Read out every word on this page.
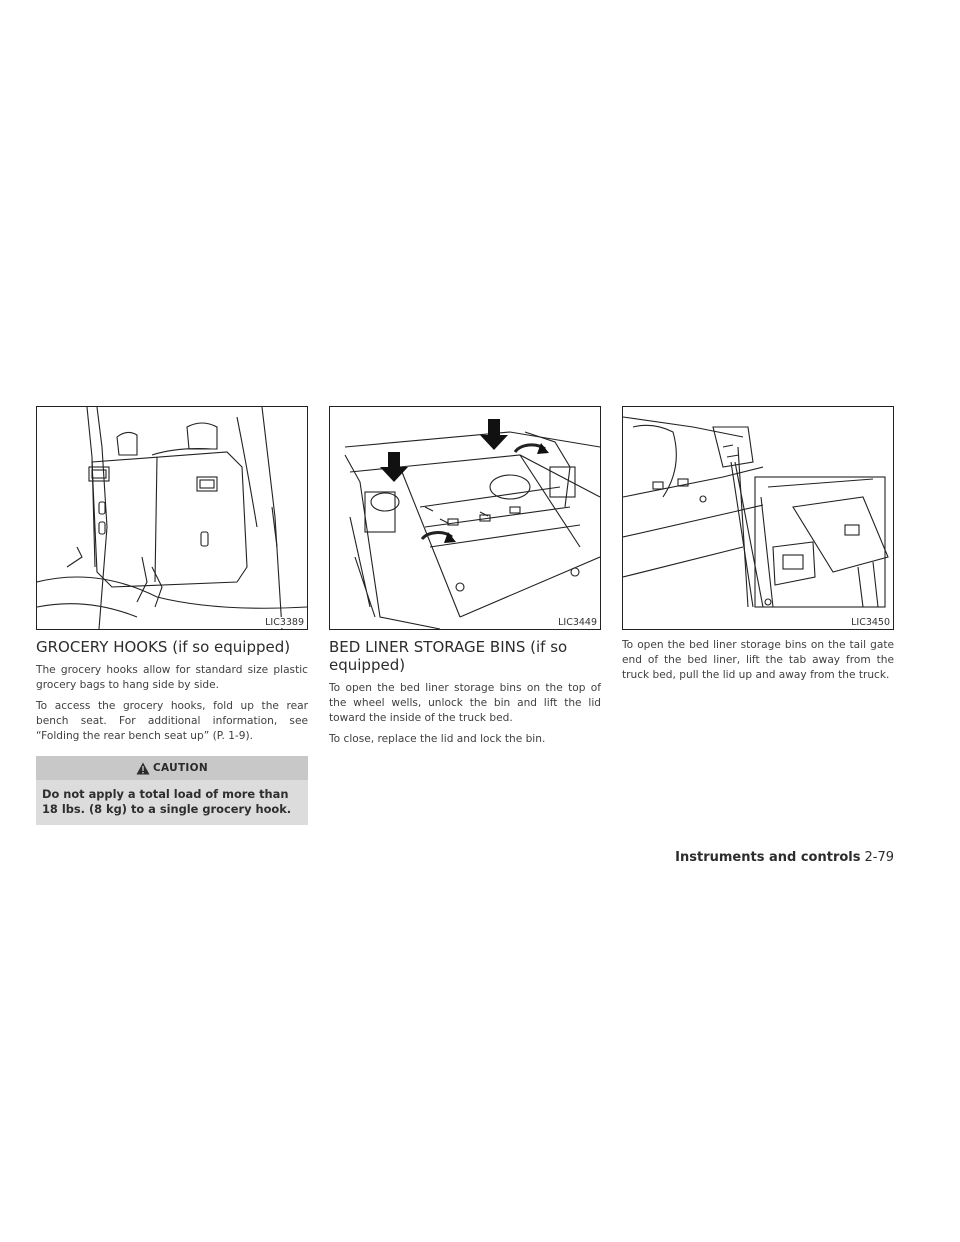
LIC3389
GROCERY HOOKS (if so equipped)

The grocery hooks allow for standard size plastic grocery bags to hang side by side.

To access the grocery hooks, fold up the rear bench seat. For additional information, see “Folding the rear bench seat up” (P. 1-9).

CAUTION
Do not apply a total load of more than 18 lbs. (8 kg) to a single grocery hook.
LIC3449
BED LINER STORAGE BINS (if so equipped)

To open the bed liner storage bins on the top of the wheel wells, unlock the bin and lift the lid toward the inside of the truck bed.

To close, replace the lid and lock the bin.

LIC3450

To open the bed liner storage bins on the tail gate end of the bed liner, lift the tab away from the truck bed, pull the lid up and away from the truck.

Instruments and controls 2-79
